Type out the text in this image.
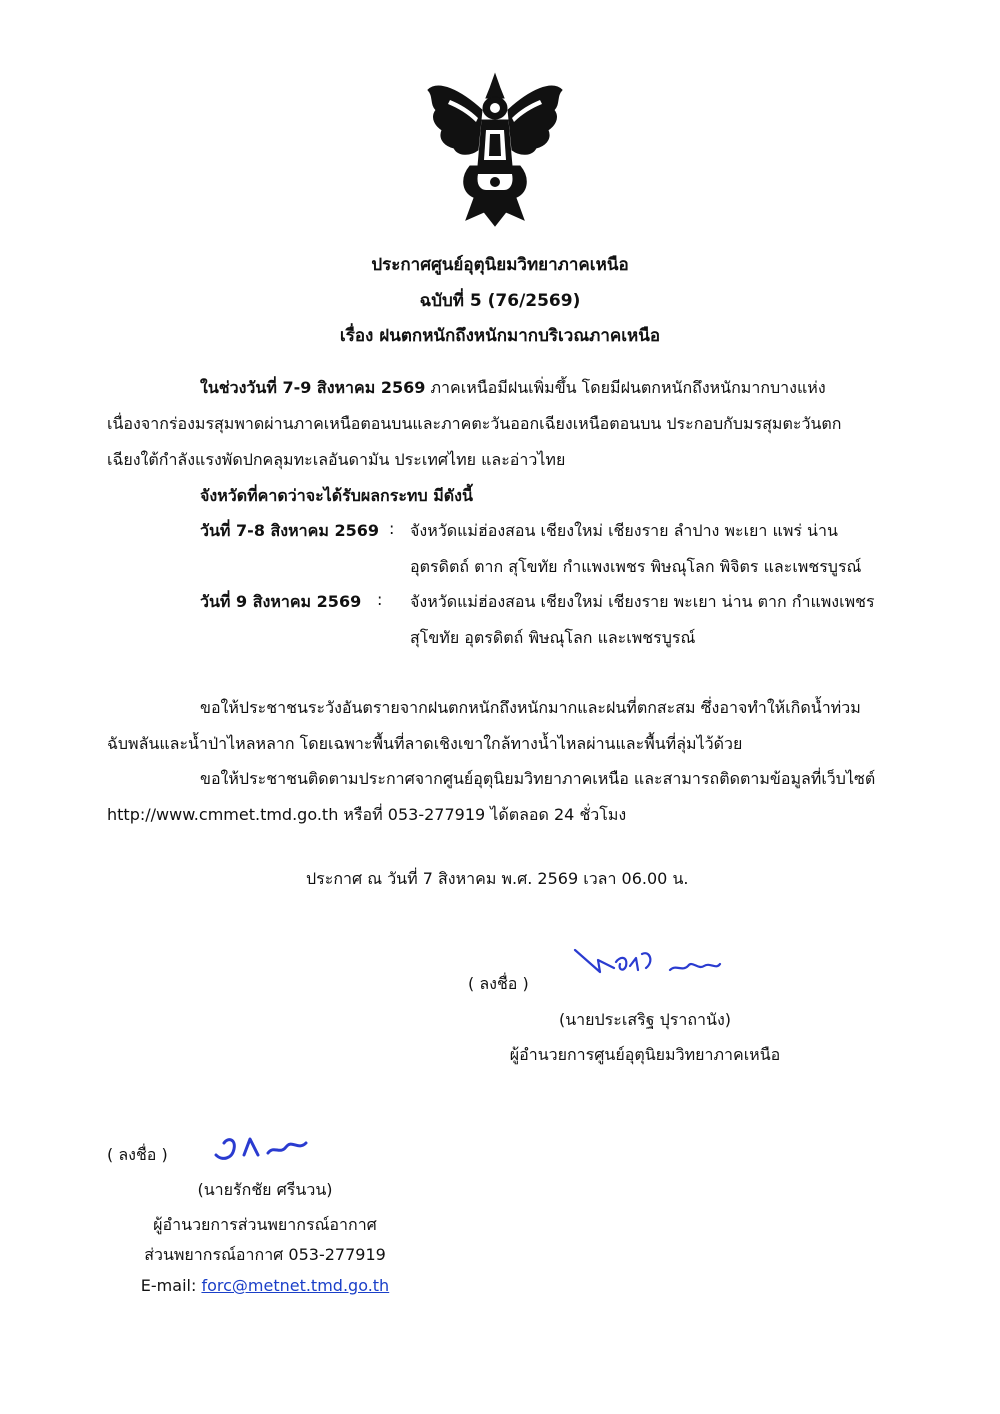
ประกาศศูนย์อุตุนิยมวิทยาภาคเหนือ
ฉบับที่ 5 (76/2569)
เรื่อง ฝนตกหนักถึงหนักมากบริเวณภาคเหนือ
ในช่วงวันที่ 7-9 สิงหาคม 2569 ภาคเหนือมีฝนเพิ่มขึ้น โดยมีฝนตกหนักถึงหนักมากบางแห่ง
เนื่องจากร่องมรสุมพาดผ่านภาคเหนือตอนบนและภาคตะวันออกเฉียงเหนือตอนบน ประกอบกับมรสุมตะวันตก
เฉียงใต้กำลังแรงพัดปกคลุมทะเลอันดามัน ประเทศไทย และอ่าวไทย
จังหวัดที่คาดว่าจะได้รับผลกระทบ มีดังนี้
วันที่ 7-8 สิงหาคม 2569 : จังหวัดแม่ฮ่องสอน เชียงใหม่ เชียงราย ลำปาง พะเยา แพร่ น่าน
อุตรดิตถ์ ตาก สุโขทัย กำแพงเพชร พิษณุโลก พิจิตร และเพชรบูรณ์
วันที่ 9 สิงหาคม 2569 : จังหวัดแม่ฮ่องสอน เชียงใหม่ เชียงราย พะเยา น่าน ตาก กำแพงเพชร
สุโขทัย อุตรดิตถ์ พิษณุโลก และเพชรบูรณ์
ขอให้ประชาชนระวังอันตรายจากฝนตกหนักถึงหนักมากและฝนที่ตกสะสม ซึ่งอาจทำให้เกิดน้ำท่วม
ฉับพลันและน้ำป่าไหลหลาก โดยเฉพาะพื้นที่ลาดเชิงเขาใกล้ทางน้ำไหลผ่านและพื้นที่ลุ่มไว้ด้วย
ขอให้ประชาชนติดตามประกาศจากศูนย์อุตุนิยมวิทยาภาคเหนือ และสามารถติดตามข้อมูลที่เว็บไซต์
http://www.cmmet.tmd.go.th หรือที่ 053-277919 ได้ตลอด 24 ชั่วโมง
ประกาศ ณ วันที่ 7 สิงหาคม พ.ศ. 2569 เวลา 06.00 น.
( ลงชื่อ )
(นายประเสริฐ ปุราถานัง)
ผู้อำนวยการศูนย์อุตุนิยมวิทยาภาคเหนือ
( ลงชื่อ )
(นายรักชัย ศรีนวน)
ผู้อำนวยการส่วนพยากรณ์อากาศ
ส่วนพยากรณ์อากาศ 053-277919
E-mail: forc@metnet.tmd.go.th
